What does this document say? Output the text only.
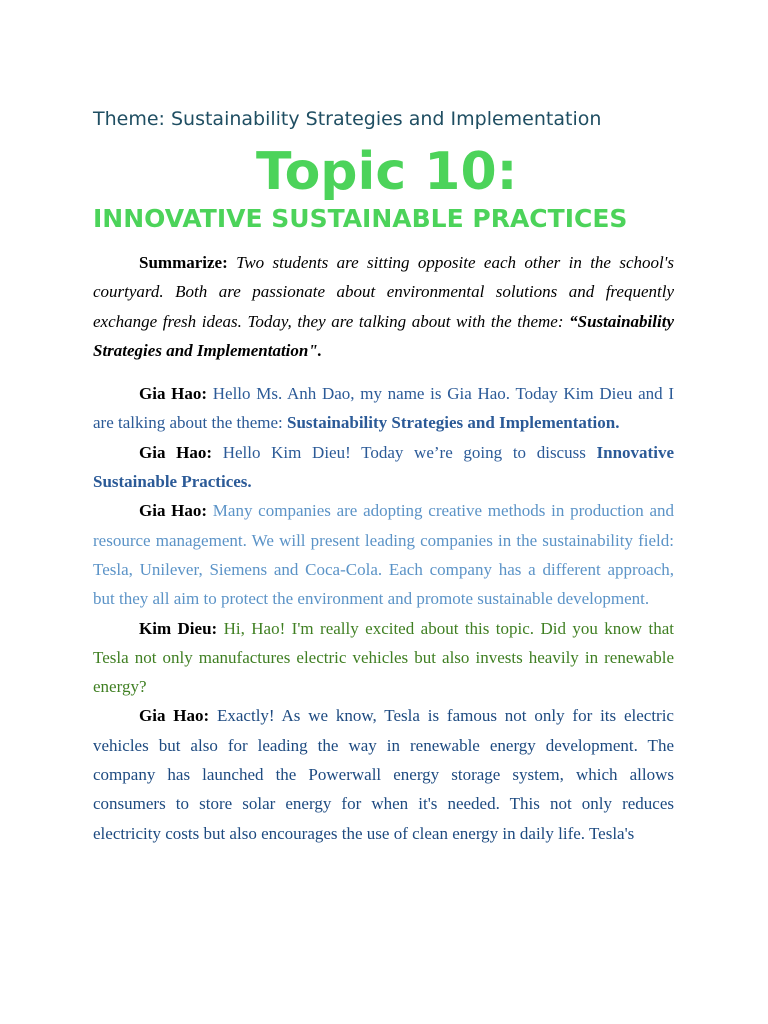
Theme: Sustainability Strategies and Implementation

Topic 10:
INNOVATIVE SUSTAINABLE PRACTICES

Summarize: Two students are sitting opposite each other in the school's courtyard. Both are passionate about environmental solutions and frequently exchange fresh ideas. Today, they are talking about with the theme: “Sustainability Strategies and Implementation".

Gia Hao: Hello Ms. Anh Dao, my name is Gia Hao. Today Kim Dieu and I are talking about the theme: Sustainability Strategies and Implementation.

Gia Hao: Hello Kim Dieu! Today we’re going to discuss Innovative Sustainable Practices.

Gia Hao: Many companies are adopting creative methods in production and resource management. We will present leading companies in the sustainability field: Tesla, Unilever, Siemens and Coca-Cola. Each company has a different approach, but they all aim to protect the environment and promote sustainable development.

Kim Dieu: Hi, Hao! I'm really excited about this topic. Did you know that Tesla not only manufactures electric vehicles but also invests heavily in renewable energy?

Gia Hao: Exactly! As we know, Tesla is famous not only for its electric vehicles but also for leading the way in renewable energy development. The company has launched the Powerwall energy storage system, which allows consumers to store solar energy for when it's needed. This not only reduces electricity costs but also encourages the use of clean energy in daily life. Tesla's
